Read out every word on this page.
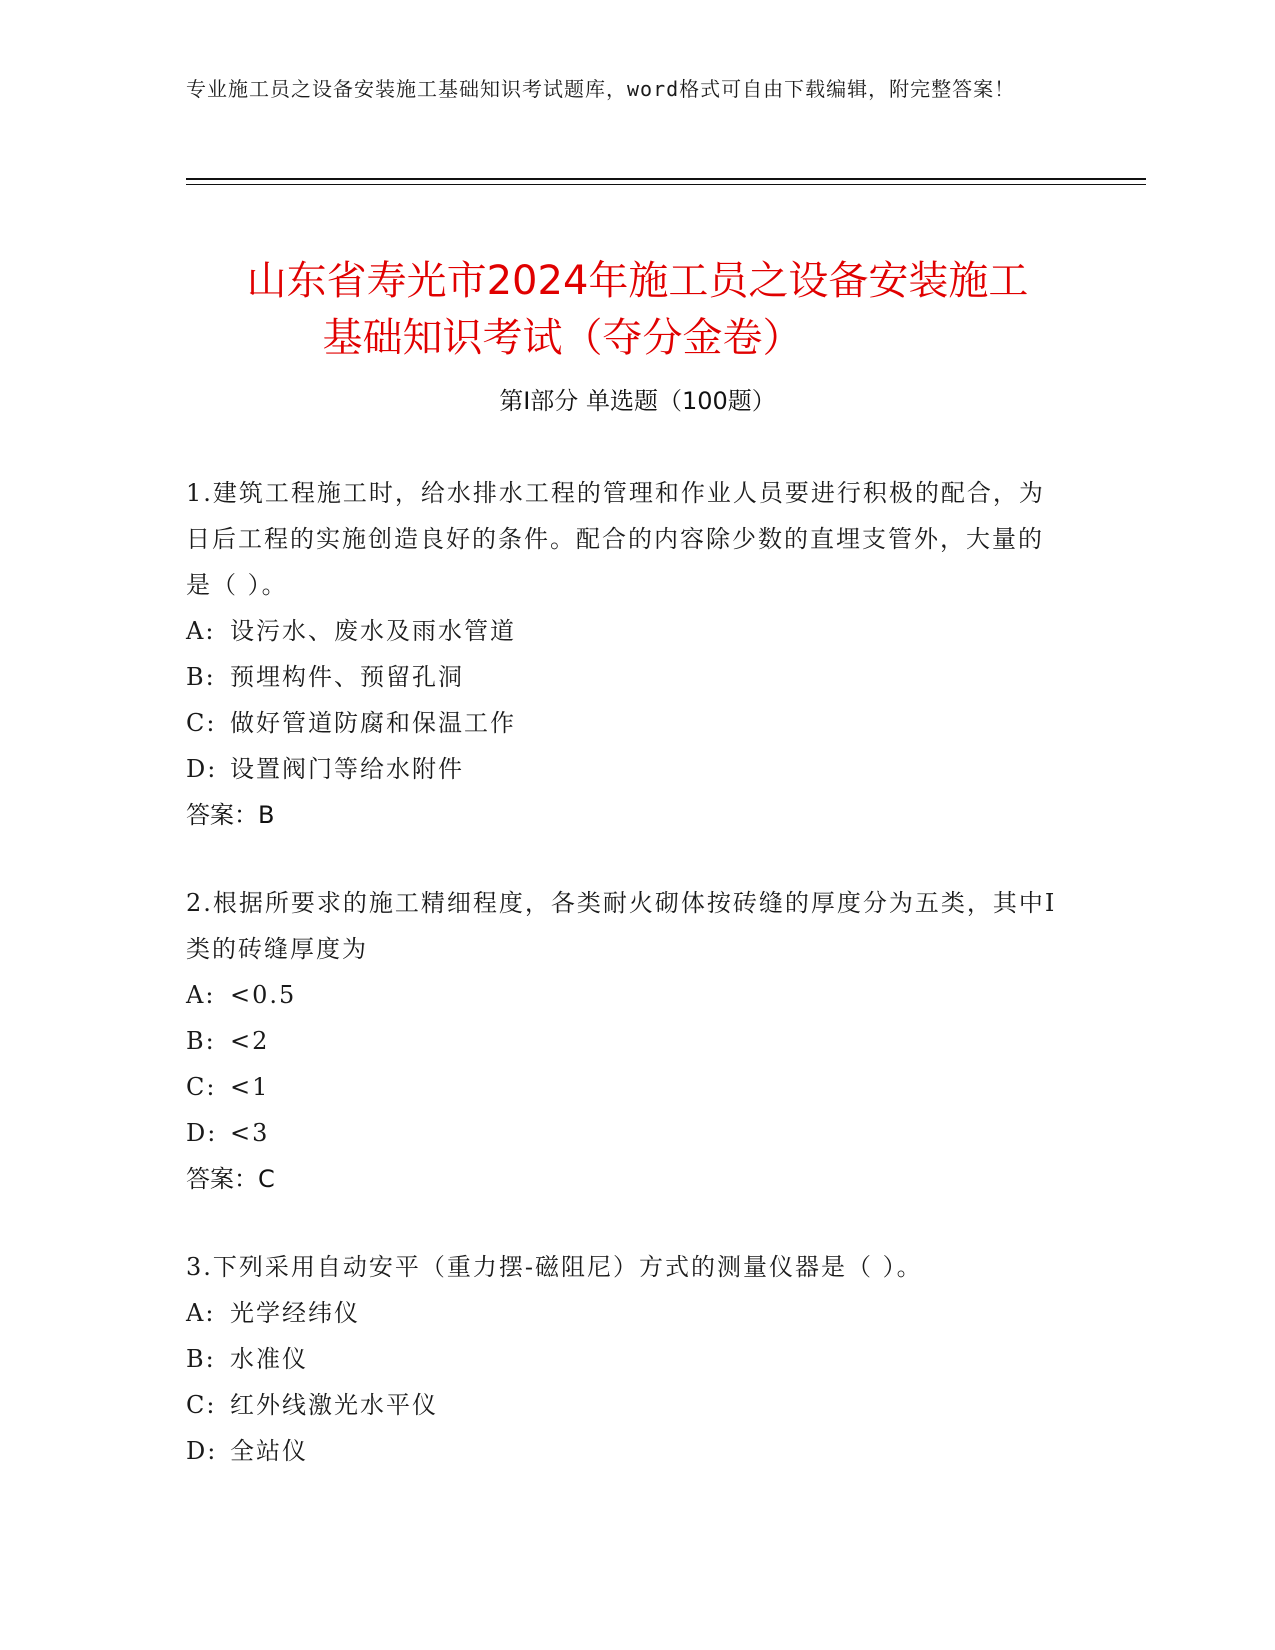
专业施工员之设备安装施工基础知识考试题库，word格式可自由下载编辑，附完整答案！
山东省寿光市2024年施工员之设备安装施工
基础知识考试（夺分金卷）
第Ⅰ部分 单选题（100题）

1.建筑工程施工时，给水排水工程的管理和作业人员要进行积极的配合，为日后工程的实施创造良好的条件。配合的内容除少数的直埋支管外，大量的是（ ）。

A: 设污水、废水及雨水管道
B: 预埋构件、预留孔洞
C: 做好管道防腐和保温工作
D: 设置阀门等给水附件
答案：B

2.根据所要求的施工精细程度，各类耐火砌体按砖缝的厚度分为五类，其中Ⅰ类的砖缝厚度为

A: <0.5
B: <2
C: <1
D: <3
答案：C

3.下列采用自动安平（重力摆-磁阻尼）方式的测量仪器是（ ）。

A: 光学经纬仪
B: 水准仪
C: 红外线激光水平仪
D: 全站仪
